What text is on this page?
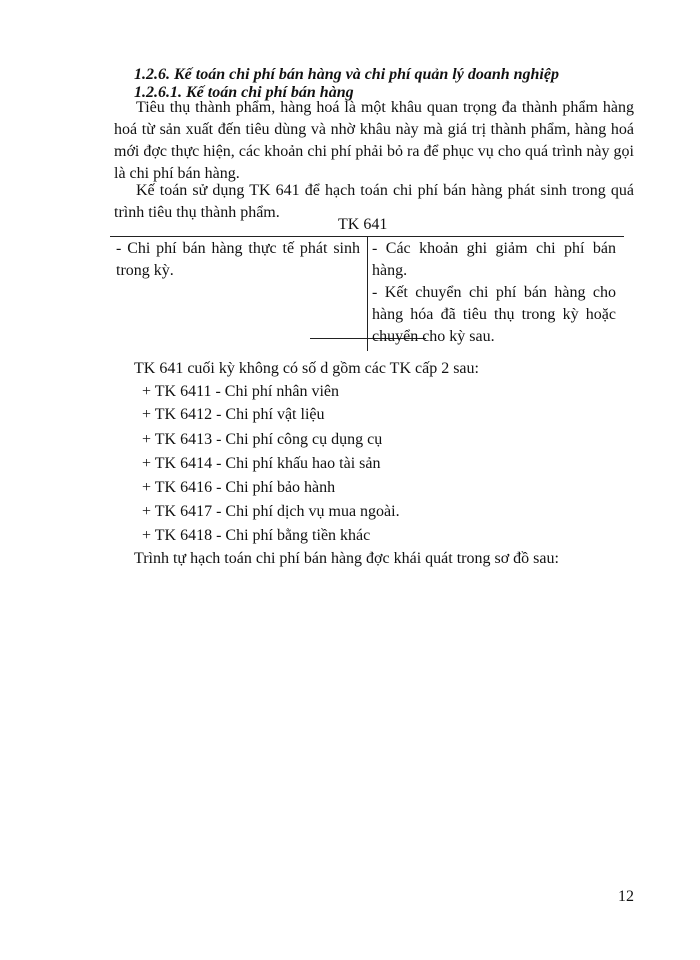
1.2.6. Kế toán chi phí bán hàng và chi phí quản lý doanh nghiệp
1.2.6.1. Kế toán chi phí bán hàng
Tiêu thụ thành phẩm, hàng hoá là một khâu quan trọng đa thành phẩm hàng hoá từ sản xuất đến tiêu dùng và nhờ khâu này mà giá trị thành phẩm, hàng hoá mới đợc thực hiện, các khoản chi phí phải bỏ ra để phục vụ cho quá trình này gọi là chi phí bán hàng.
Kế toán sử dụng TK 641 để hạch toán chi phí bán hàng phát sinh trong quá trình tiêu thụ thành phẩm.
TK 641
- Chi phí bán hàng thực tế phát sinh trong kỳ.
- Các khoản ghi giảm chi phí bán hàng.
- Kết chuyển chi phí bán hàng cho hàng hóa đã tiêu thụ trong kỳ hoặc chuyển cho kỳ sau.
TK 641 cuối kỳ không có số d gồm các TK cấp 2 sau:
+ TK 6411 - Chi phí nhân viên
+ TK 6412 - Chi phí vật liệu
+ TK 6413 - Chi phí công cụ dụng cụ
+ TK 6414 - Chi phí khấu hao tài sản
+ TK 6416 - Chi phí bảo hành
+ TK 6417 - Chi phí dịch vụ mua ngoài.
+ TK 6418 - Chi phí bằng tiền khác
Trình tự hạch toán chi phí bán hàng đợc khái quát trong sơ đồ sau:
12
